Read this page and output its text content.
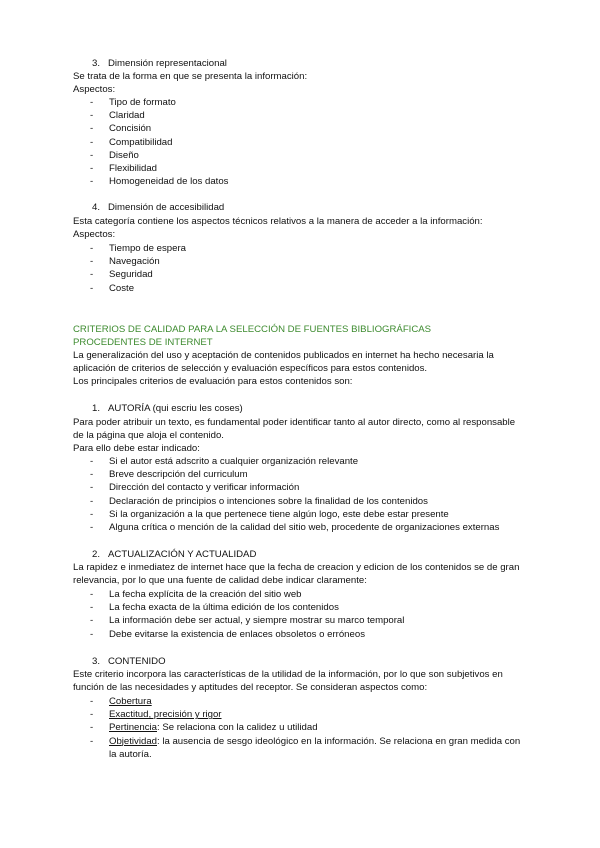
3. Dimensión representacional

Se trata de la forma en que se presenta la información:

Aspectos:

- Tipo de formato
- Claridad
- Concisión
- Compatibilidad
- Diseño
- Flexibilidad
- Homogeneidad de los datos

4. Dimensión de accesibilidad

Esta categoría contiene los aspectos técnicos relativos a la manera de acceder a la información:

Aspectos:

- Tiempo de espera
- Navegación
- Seguridad
- Coste

CRITERIOS DE CALIDAD PARA LA SELECCIÓN DE FUENTES BIBLIOGRÁFICAS
PROCEDENTES DE INTERNET

La generalización del uso y aceptación de contenidos publicados en internet ha hecho necesaria la aplicación de criterios de selección y evaluación específicos para estos contenidos.

Los principales criterios de evaluación para estos contenidos son:

1. AUTORÍA (qui escriu les coses)

Para poder atribuir un texto, es fundamental poder identificar tanto al autor directo, como al responsable de la página que aloja el contenido.

Para ello debe estar indicado:

- Si el autor está adscrito a cualquier organización relevante
- Breve descripción del curriculum
- Dirección del contacto y verificar información
- Declaración de principios o intenciones sobre la finalidad de los contenidos
- Si la organización a la que pertenece tiene algún logo, este debe estar presente
- Alguna crítica o mención de la calidad del sitio web, procedente de organizaciones externas

2. ACTUALIZACIÓN Y ACTUALIDAD

La rapidez e inmediatez de internet hace que la fecha de creacion y edicion de los contenidos se de gran relevancia, por lo que una fuente de calidad debe indicar claramente:

- La fecha explícita de la creación del sitio web
- La fecha exacta de la última edición de los contenidos
- La información debe ser actual, y siempre mostrar su marco temporal
- Debe evitarse la existencia de enlaces obsoletos o erróneos

3. CONTENIDO

Este criterio incorpora las características de la utilidad de la información, por lo que son subjetivos en función de las necesidades y aptitudes del receptor. Se consideran aspectos como:

- Cobertura
- Exactitud, precisión y rigor
- Pertinencia: Se relaciona con la calidez u utilidad
- Objetividad: la ausencia de sesgo ideológico en la información. Se relaciona en gran medida con la autoría.
